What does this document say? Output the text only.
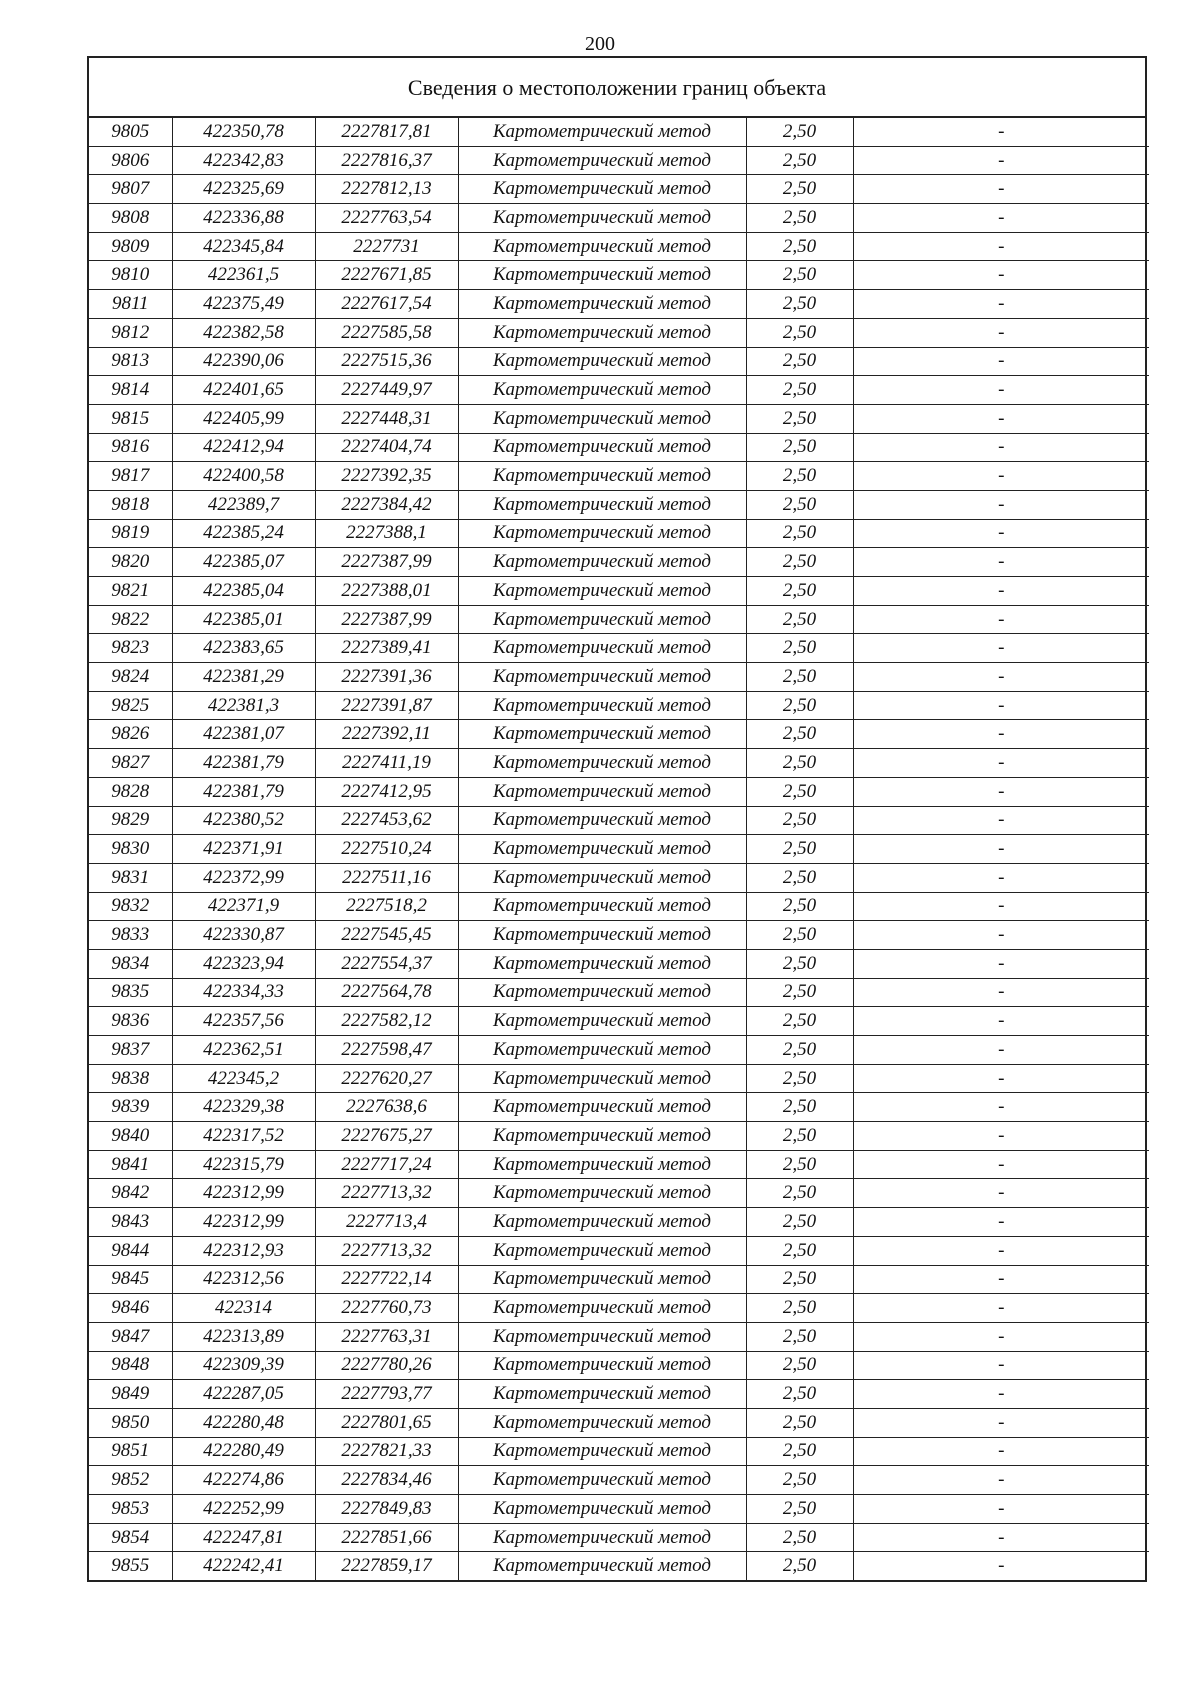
200
Сведения о местоположении границ объекта
9805	422350,78	2227817,81	Картометрический метод	2,50	-
9806	422342,83	2227816,37	Картометрический метод	2,50	-
9807	422325,69	2227812,13	Картометрический метод	2,50	-
9808	422336,88	2227763,54	Картометрический метод	2,50	-
9809	422345,84	2227731	Картометрический метод	2,50	-
9810	422361,5	2227671,85	Картометрический метод	2,50	-
9811	422375,49	2227617,54	Картометрический метод	2,50	-
9812	422382,58	2227585,58	Картометрический метод	2,50	-
9813	422390,06	2227515,36	Картометрический метод	2,50	-
9814	422401,65	2227449,97	Картометрический метод	2,50	-
9815	422405,99	2227448,31	Картометрический метод	2,50	-
9816	422412,94	2227404,74	Картометрический метод	2,50	-
9817	422400,58	2227392,35	Картометрический метод	2,50	-
9818	422389,7	2227384,42	Картометрический метод	2,50	-
9819	422385,24	2227388,1	Картометрический метод	2,50	-
9820	422385,07	2227387,99	Картометрический метод	2,50	-
9821	422385,04	2227388,01	Картометрический метод	2,50	-
9822	422385,01	2227387,99	Картометрический метод	2,50	-
9823	422383,65	2227389,41	Картометрический метод	2,50	-
9824	422381,29	2227391,36	Картометрический метод	2,50	-
9825	422381,3	2227391,87	Картометрический метод	2,50	-
9826	422381,07	2227392,11	Картометрический метод	2,50	-
9827	422381,79	2227411,19	Картометрический метод	2,50	-
9828	422381,79	2227412,95	Картометрический метод	2,50	-
9829	422380,52	2227453,62	Картометрический метод	2,50	-
9830	422371,91	2227510,24	Картометрический метод	2,50	-
9831	422372,99	2227511,16	Картометрический метод	2,50	-
9832	422371,9	2227518,2	Картометрический метод	2,50	-
9833	422330,87	2227545,45	Картометрический метод	2,50	-
9834	422323,94	2227554,37	Картометрический метод	2,50	-
9835	422334,33	2227564,78	Картометрический метод	2,50	-
9836	422357,56	2227582,12	Картометрический метод	2,50	-
9837	422362,51	2227598,47	Картометрический метод	2,50	-
9838	422345,2	2227620,27	Картометрический метод	2,50	-
9839	422329,38	2227638,6	Картометрический метод	2,50	-
9840	422317,52	2227675,27	Картометрический метод	2,50	-
9841	422315,79	2227717,24	Картометрический метод	2,50	-
9842	422312,99	2227713,32	Картометрический метод	2,50	-
9843	422312,99	2227713,4	Картометрический метод	2,50	-
9844	422312,93	2227713,32	Картометрический метод	2,50	-
9845	422312,56	2227722,14	Картометрический метод	2,50	-
9846	422314	2227760,73	Картометрический метод	2,50	-
9847	422313,89	2227763,31	Картометрический метод	2,50	-
9848	422309,39	2227780,26	Картометрический метод	2,50	-
9849	422287,05	2227793,77	Картометрический метод	2,50	-
9850	422280,48	2227801,65	Картометрический метод	2,50	-
9851	422280,49	2227821,33	Картометрический метод	2,50	-
9852	422274,86	2227834,46	Картометрический метод	2,50	-
9853	422252,99	2227849,83	Картометрический метод	2,50	-
9854	422247,81	2227851,66	Картометрический метод	2,50	-
9855	422242,41	2227859,17	Картометрический метод	2,50	-
